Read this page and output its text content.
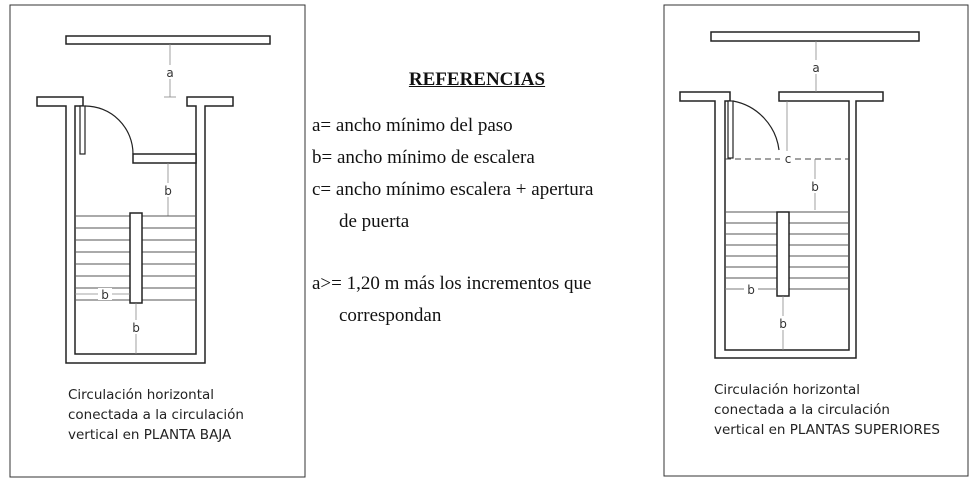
a
b
b
b
Circulación horizontal
conectada a la circulación
vertical en PLANTA BAJA
REFERENCIAS
a= ancho mínimo del paso
b= ancho mínimo de escalera
c= ancho mínimo escalera + apertura
de puerta
a>= 1,20 m más los incrementos que
correspondan
a
c
b
b
b
Circulación horizontal
conectada a la circulación
vertical en PLANTAS SUPERIORES
